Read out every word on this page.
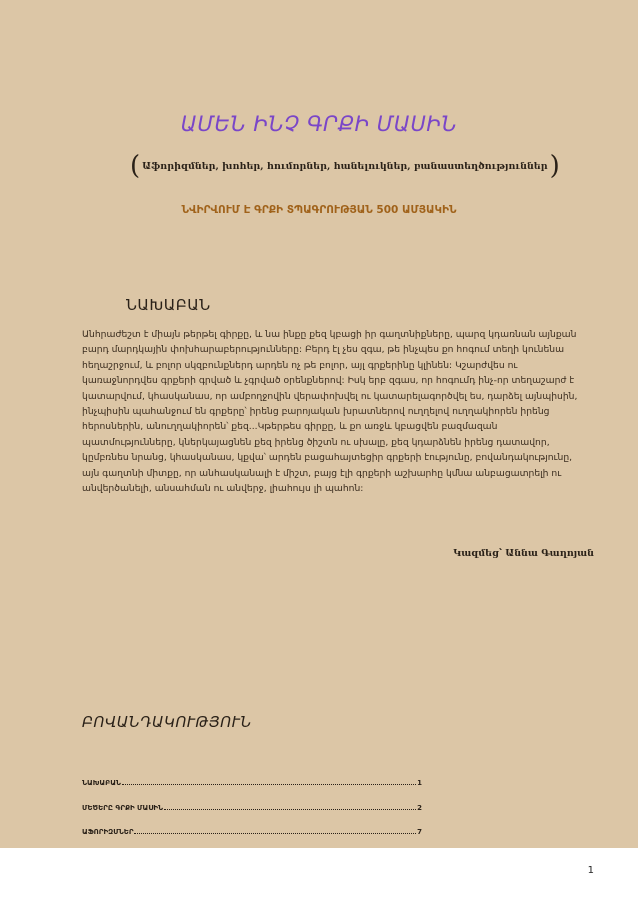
ԱՄԵՆ ԻՆՉ ԳՐՔԻ ՄԱՍԻՆ
( Աֆորիզմներ, խոհեր, հումորներ, հանելուկներ, բանաստեղծություններ )
ՆՎԻՐՎՈՒՄ Է ԳՐՔԻ ՏՊԱԳՐՈՒԹՅԱՆ 500 ԱՄՅԱԿԻՆ
ՆԱԽԱԲԱՆ
Անհրաժեշտ է միայն թերթել գիրքը, և նա ինքը քեզ կբացի իր գաղտնիքները, պարզ կդառնան այնքան
բարդ մարդկային փոխհարաբերությունները: Բերդ էլ չես զգա, թե ինչպես քո հոգում տեղի կունենա
հեղաշրջում, և բոլոր սկզբունքներդ արդեն ոչ թե բոլոր, այլ գրքերինը կլինեն: Կշարժվես ու
կառաջնորդվես գրքերի գրված և չգրված օրենքներով: Իսկ երբ զգաս, որ հոգումդ ինչ-որ տեղաշարժ է
կատարվում, կհասկանաս, որ ամբողջովին վերափոխվել ու կատարելագործվել ես, դարձել այնպիսին,
ինչպիսին պահանջում են գրքերը՝ իրենց բարոյական խրատներով ուղղելով ուղղակիորեն իրենց
հերոսներին, անուղղակիորեն՝ քեզ...Կթերթես գիրքը, և քո առջև կբացվեն բազմազան
պատմությունները, կներկայացնեն քեզ իրենց ծիշտն ու սխալը, քեզ կդարձնեն իրենց դատավոր,
կըմբռնես նրանց, կհասկանաս, կքվա՝ արդեն բացահայտեցիր գրքերի էությունը, բովանդակությունը,
այն գաղտնի միտքը, որ անհասկանալի է միշտ, բայց էլի գրքերի աշխարհը կմնա անբացատրելի ու
անվերծանելի, անսահման ու անվերջ, լիահույս լի պահոն:
Կազմեց՝ Աննա Գաղոյան
ԲՈՎԱՆԴԱԿՈՒԹՅՈՒՆ
ՆԱԽԱԲԱՆ	1
ՄԵԾԵՐԸ ԳՐՔԻ ՄԱՍԻՆ	2
ԱՖՈՐԻԶՄՆԵՐ	7
1
